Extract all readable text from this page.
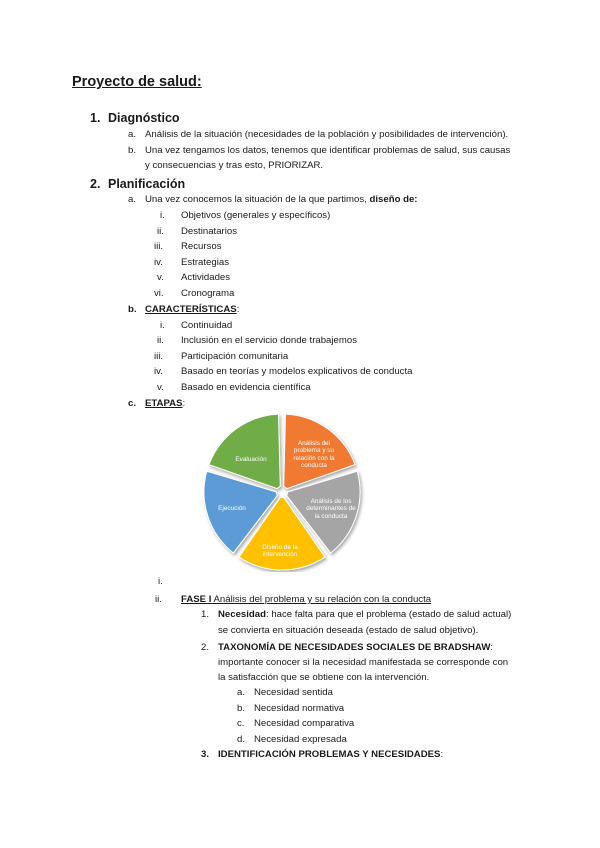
Proyecto de salud:
1. Diagnóstico
a. Análisis de la situación (necesidades de la población y posibilidades de intervención).
b. Una vez tengamos los datos, tenemos que identificar problemas de salud, sus causas
y consecuencias y tras esto, PRIORIZAR.
2. Planificación
a. Una vez conocemos la situación de la que partimos, diseño de:
i. Objetivos (generales y específicos)
ii. Destinatarios
iii. Recursos
iv. Estrategias
v. Actividades
vi. Cronograma
b. CARACTERÍSTICAS:
i. Continuidad
ii. Inclusión en el servicio donde trabajemos
iii. Participación comunitaria
iv. Basado en teorías y modelos explicativos de conducta
v. Basado en evidencia científica
c. ETAPAS:
Análisis del problema y su relación con la conducta
Análisis de los determinantes de la conducta
Diseño de la intervención
Ejecución
Evaluación
i.
ii. FASE I Análisis del problema y su relación con la conducta
1. Necesidad: hace falta para que el problema (estado de salud actual)
se convierta en situación deseada (estado de salud objetivo).
2. TAXONOMÍA DE NECESIDADES SOCIALES DE BRADSHAW:
importante conocer si la necesidad manifestada se corresponde con
la satisfacción que se obtiene con la intervención.
a. Necesidad sentida
b. Necesidad normativa
c. Necesidad comparativa
d. Necesidad expresada
3. IDENTIFICACIÓN PROBLEMAS Y NECESIDADES:
